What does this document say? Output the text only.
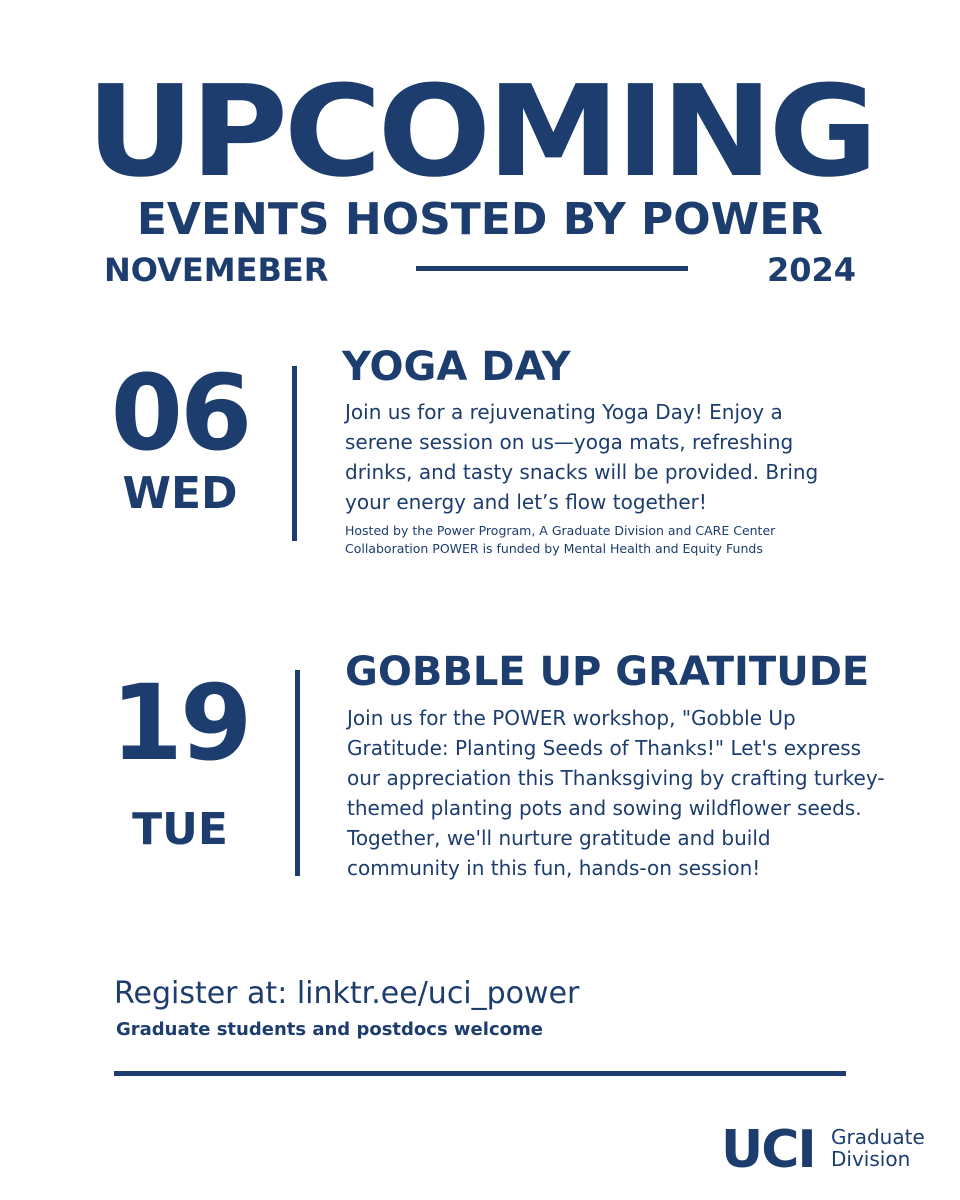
UPCOMING
EVENTS HOSTED BY POWER
NOVEMEBER	2024
06
WED
YOGA DAY
Join us for a rejuvenating Yoga Day! Enjoy a serene session on us—yoga mats, refreshing drinks, and tasty snacks will be provided. Bring your energy and let’s flow together!
Hosted by the Power Program, A Graduate Division and CARE Center Collaboration POWER is funded by Mental Health and Equity Funds
19
TUE
GOBBLE UP GRATITUDE
Join us for the POWER workshop, "Gobble Up Gratitude: Planting Seeds of Thanks!" Let's express our appreciation this Thanksgiving by crafting turkey-themed planting pots and sowing wildflower seeds. Together, we'll nurture gratitude and build community in this fun, hands-on session!
Register at: linktr.ee/uci_power
Graduate students and postdocs welcome
UCI Graduate
Division
